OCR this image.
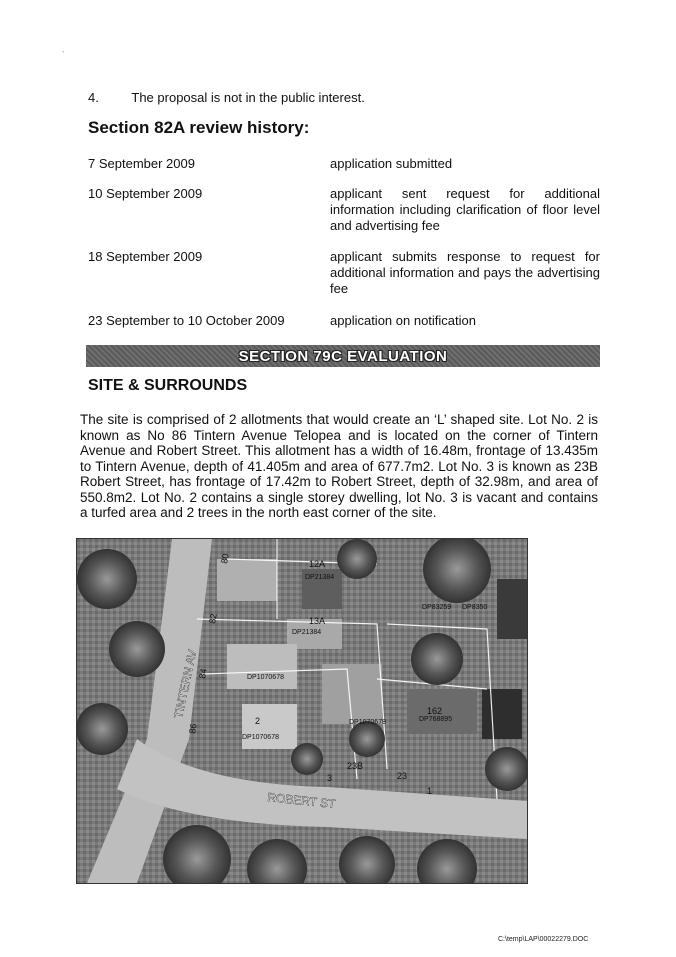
ˎ
4.	The proposal is not in the public interest.
Section 82A review history:
7 September 2009	application submitted
10 September 2009	applicant sent request for additional information including clarification of floor level and advertising fee
18 September 2009	applicant submits response to request for additional information and pays the advertising fee
23 September to 10 October 2009	application on notification
SECTION 79C EVALUATION
SITE & SURROUNDS

The site is comprised of 2 allotments that would create an ‘L’ shaped site. Lot No. 2 is known as No 86 Tintern Avenue Telopea and is located on the corner of Tintern Avenue and Robert Street. This allotment has a width of 16.48m, frontage of 13.435m to Tintern Avenue, depth of 41.405m and area of 677.7m2. Lot No. 3 is known as 23B Robert Street, has frontage of 17.42m to Robert Street, depth of 32.98m, and area of 550.8m2. Lot No. 2 contains a single storey dwelling, lot No. 3 is vacant and contains a turfed area and 2 trees in the north east corner of the site.

TINTERN AV
ROBERT ST
80
82
84
86
12A
DP21384
13A
DP21384
DP1070678
DP1070678
DP1070678
162
DP768895
DP83259 DP8350
23B
23
2
3
1
C:\temp\LAP\00022279.DOC
